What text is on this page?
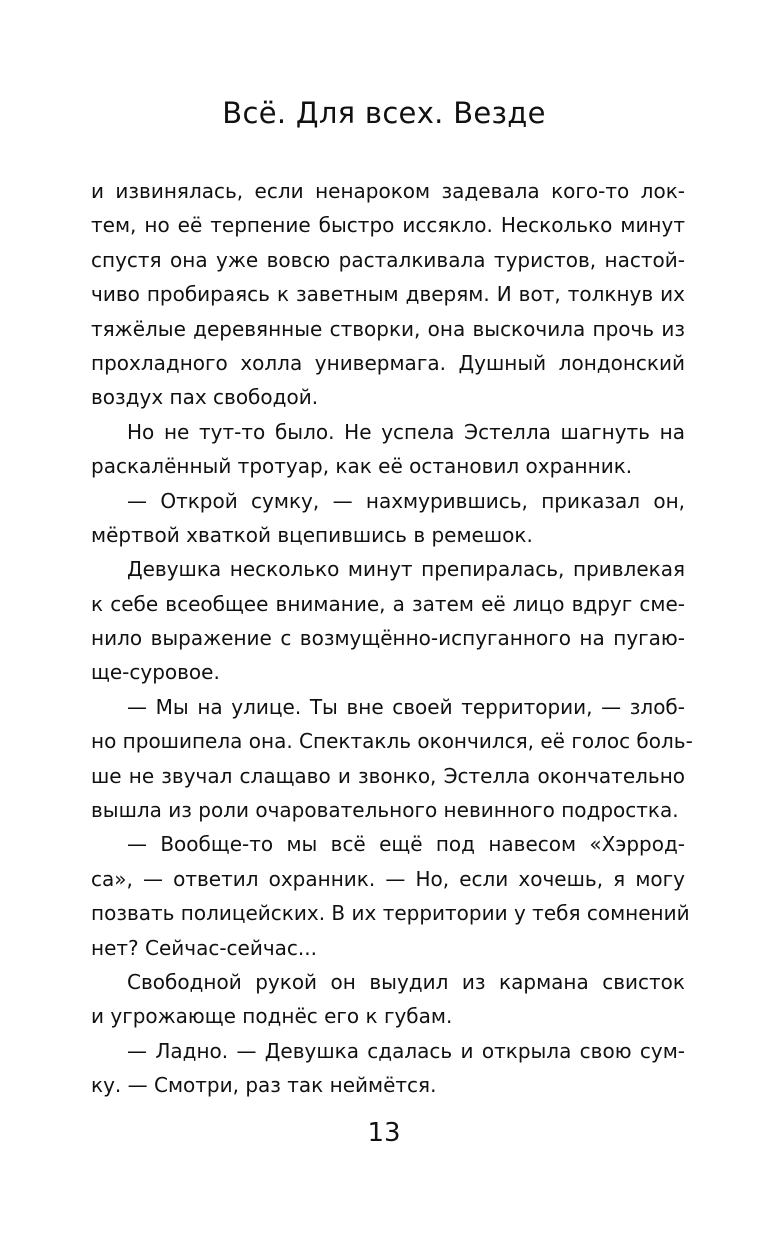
Всё. Для всех. Везде
и извинялась, если ненароком задевала кого-то лок-
тем, но её терпение быстро иссякло. Несколько минут
спустя она уже вовсю расталкивала туристов, настой-
чиво пробираясь к заветным дверям. И вот, толкнув их
тяжёлые деревянные створки, она выскочила прочь из
прохладного холла универмага. Душный лондонский
воздух пах свободой.
Но не тут-то было. Не успела Эстелла шагнуть на
раскалённый тротуар, как её остановил охранник.
— Открой сумку, — нахмурившись, приказал он,
мёртвой хваткой вцепившись в ремешок.
Девушка несколько минут препиралась, привлекая
к себе всеобщее внимание, а затем её лицо вдруг сме-
нило выражение с возмущённо-испуганного на пугаю-
ще-суровое.
— Мы на улице. Ты вне своей территории, — злоб-
но прошипела она. Спектакль окончился, её голос боль-
ше не звучал слащаво и звонко, Эстелла окончательно
вышла из роли очаровательного невинного подростка.
— Вообще-то мы всё ещё под навесом «Хэррод-
са», — ответил охранник. — Но, если хочешь, я могу
позвать полицейских. В их территории у тебя сомнений
нет? Сейчас-сейчас...
Свободной рукой он выудил из кармана свисток
и угрожающе поднёс его к губам.
— Ладно. — Девушка сдалась и открыла свою сум-
ку. — Смотри, раз так неймётся.
13
